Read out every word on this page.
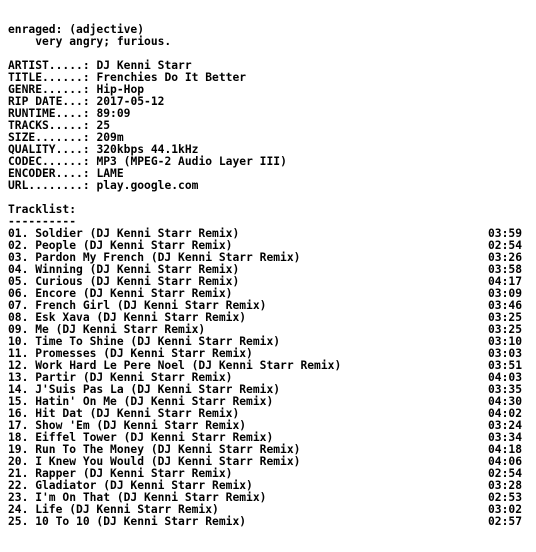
enraged: (adjective)
very angry; furious.
ARTIST.....: DJ Kenni Starr
TITLE......: Frenchies Do It Better
GENRE......: Hip-Hop
RIP DATE...: 2017-05-12
RUNTIME....: 89:09
TRACKS.....: 25
SIZE.......: 209m
QUALITY....: 320kbps 44.1kHz
CODEC......: MP3 (MPEG-2 Audio Layer III)
ENCODER....: LAME
URL........: play.google.com
Tracklist:
----------
01. Soldier (DJ Kenni Starr Remix)	03:59
02. People (DJ Kenni Starr Remix)	02:54
03. Pardon My French (DJ Kenni Starr Remix)	03:26
04. Winning (DJ Kenni Starr Remix)	03:58
05. Curious (DJ Kenni Starr Remix)	04:17
06. Encore (DJ Kenni Starr Remix)	03:09
07. French Girl (DJ Kenni Starr Remix)	03:46
08. Esk Xava (DJ Kenni Starr Remix)	03:25
09. Me (DJ Kenni Starr Remix)	03:25
10. Time To Shine (DJ Kenni Starr Remix)	03:10
11. Promesses (DJ Kenni Starr Remix)	03:03
12. Work Hard Le Pere Noel (DJ Kenni Starr Remix)	03:51
13. Partir (DJ Kenni Starr Remix)	04:03
14. J'Suis Pas La (DJ Kenni Starr Remix)	03:35
15. Hatin' On Me (DJ Kenni Starr Remix)	04:30
16. Hit Dat (DJ Kenni Starr Remix)	04:02
17. Show 'Em (DJ Kenni Starr Remix)	03:24
18. Eiffel Tower (DJ Kenni Starr Remix)	03:34
19. Run To The Money (DJ Kenni Starr Remix)	04:18
20. I Knew You Would (DJ Kenni Starr Remix)	04:06
21. Rapper (DJ Kenni Starr Remix)	02:54
22. Gladiator (DJ Kenni Starr Remix)	03:28
23. I'm On That (DJ Kenni Starr Remix)	02:53
24. Life (DJ Kenni Starr Remix)	03:02
25. 10 To 10 (DJ Kenni Starr Remix)	02:57
